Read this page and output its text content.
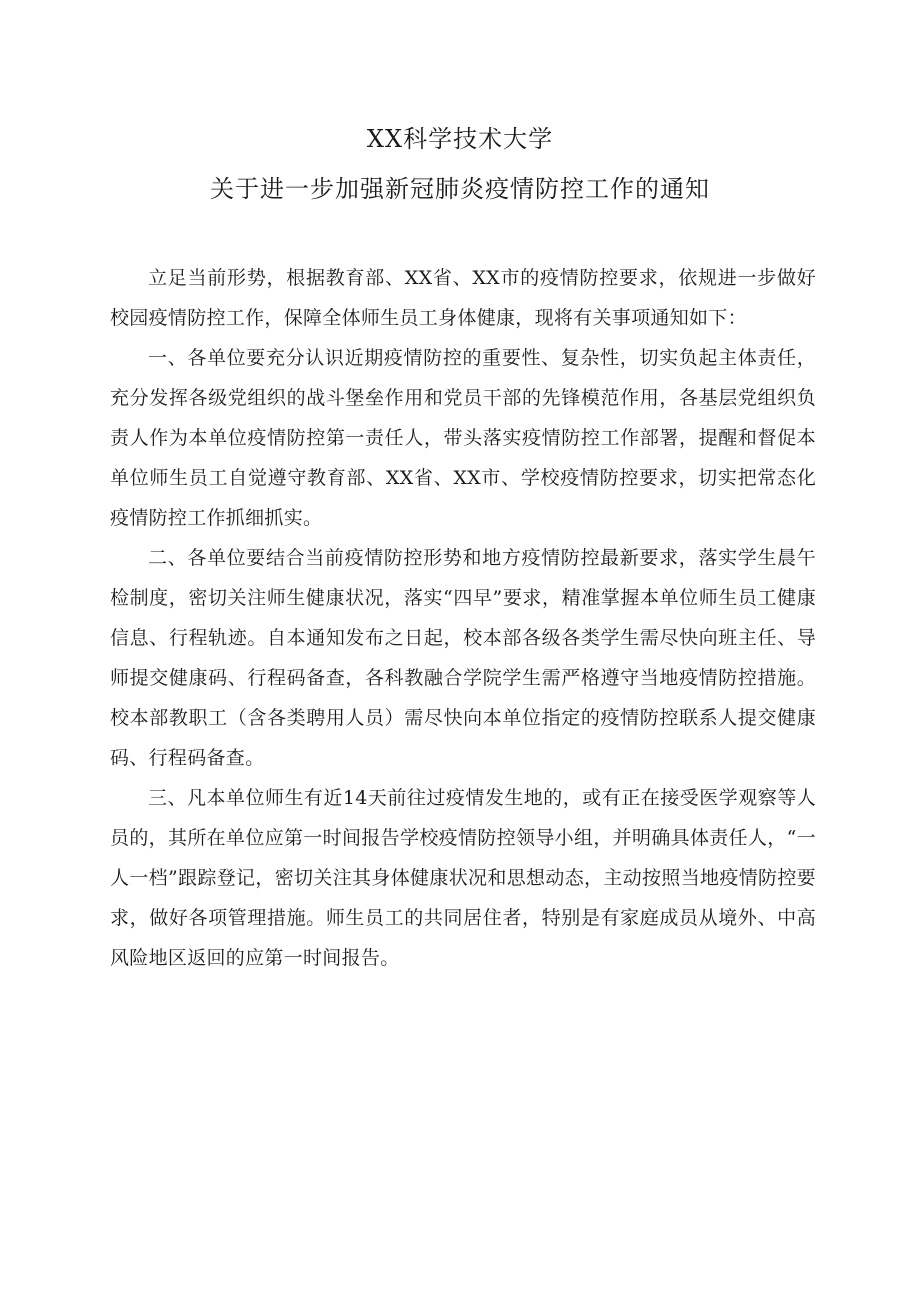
XX科学技术大学
关于进一步加强新冠肺炎疫情防控工作的通知

立足当前形势，根据教育部、XX省、XX市的疫情防控要求，依规进一步做好校园疫情防控工作，保障全体师生员工身体健康，现将有关事项通知如下：

一、各单位要充分认识近期疫情防控的重要性、复杂性，切实负起主体责任，充分发挥各级党组织的战斗堡垒作用和党员干部的先锋模范作用，各基层党组织负责人作为本单位疫情防控第一责任人，带头落实疫情防控工作部署，提醒和督促本单位师生员工自觉遵守教育部、XX省、XX市、学校疫情防控要求，切实把常态化疫情防控工作抓细抓实。

二、各单位要结合当前疫情防控形势和地方疫情防控最新要求，落实学生晨午检制度，密切关注师生健康状况，落实“四早”要求，精准掌握本单位师生员工健康信息、行程轨迹。自本通知发布之日起，校本部各级各类学生需尽快向班主任、导师提交健康码、行程码备查，各科教融合学院学生需严格遵守当地疫情防控措施。校本部教职工（含各类聘用人员）需尽快向本单位指定的疫情防控联系人提交健康码、行程码备查。

三、凡本单位师生有近14天前往过疫情发生地的，或有正在接受医学观察等人员的，其所在单位应第一时间报告学校疫情防控领导小组，并明确具体责任人，“一人一档”跟踪登记，密切关注其身体健康状况和思想动态，主动按照当地疫情防控要求，做好各项管理措施。师生员工的共同居住者，特别是有家庭成员从境外、中高风险地区返回的应第一时间报告。
